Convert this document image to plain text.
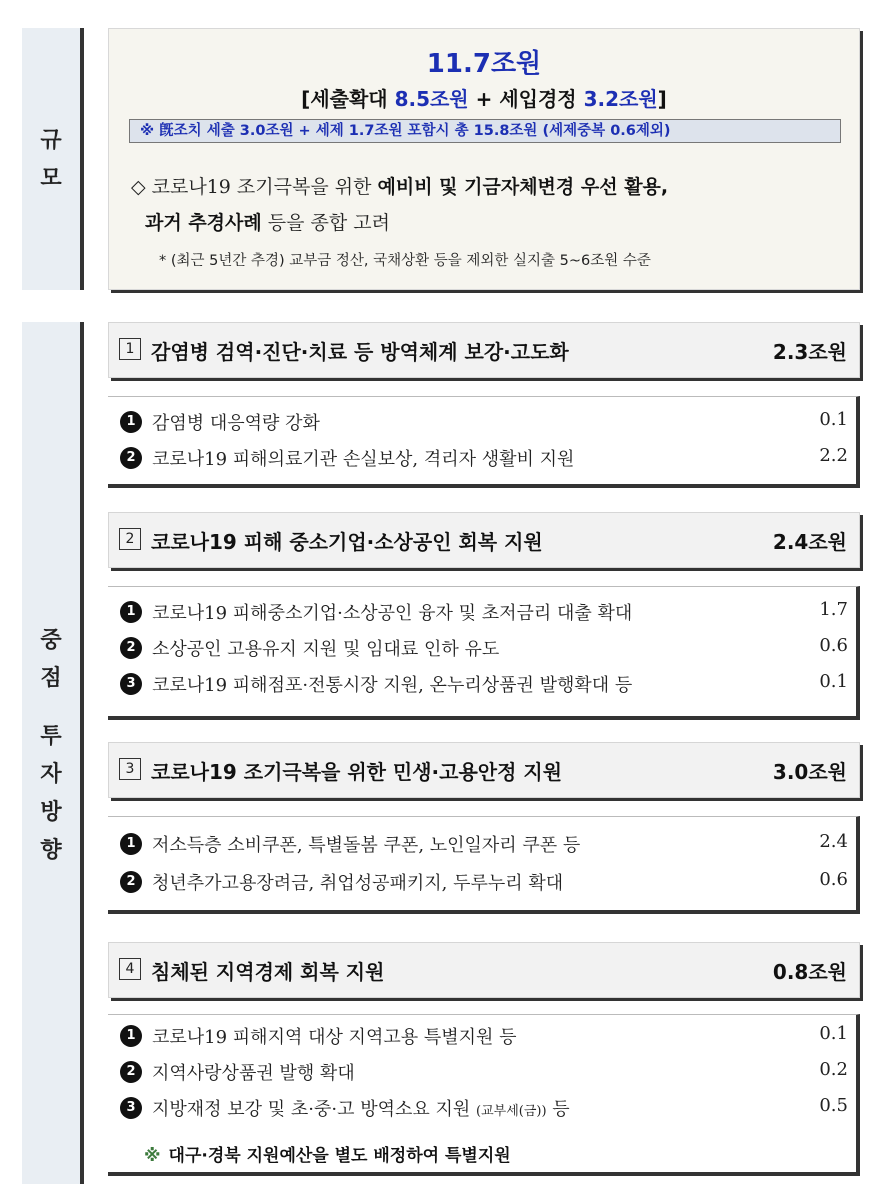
규
모
중
점
투
자
방
향
11.7조원
[세출확대 8.5조원 + 세입경정 3.2조원]
※ 旣조치 세출 3.0조원 + 세제 1.7조원 포함시 총 15.8조원 (세제중복 0.6제외)
◇ 코로나19 조기극복을 위한 예비비 및 기금자체변경 우선 활용,
과거 추경사례 등을 종합 고려
* (최근 5년간 추경) 교부금 정산, 국채상환 등을 제외한 실지출 5~6조원 수준
1 감염병 검역·진단·치료 등 방역체계 보강·고도화	2.3조원
1 감염병 대응역량 강화	0.1
2 코로나19 피해의료기관 손실보상, 격리자 생활비 지원	2.2
2 코로나19 피해 중소기업·소상공인 회복 지원	2.4조원
1 코로나19 피해중소기업·소상공인 융자 및 초저금리 대출 확대	1.7
2 소상공인 고용유지 지원 및 임대료 인하 유도	0.6
3 코로나19 피해점포·전통시장 지원, 온누리상품권 발행확대 등	0.1
3 코로나19 조기극복을 위한 민생·고용안정 지원	3.0조원
1 저소득층 소비쿠폰, 특별돌봄 쿠폰, 노인일자리 쿠폰 등	2.4
2 청년추가고용장려금, 취업성공패키지, 두루누리 확대	0.6
4 침체된 지역경제 회복 지원	0.8조원
1 코로나19 피해지역 대상 지역고용 특별지원 등	0.1
2 지역사랑상품권 발행 확대	0.2
3 지방재정 보강 및 초·중·고 방역소요 지원 (교부세(금)) 등	0.5
※ 대구·경북 지원예산을 별도 배정하여 특별지원
